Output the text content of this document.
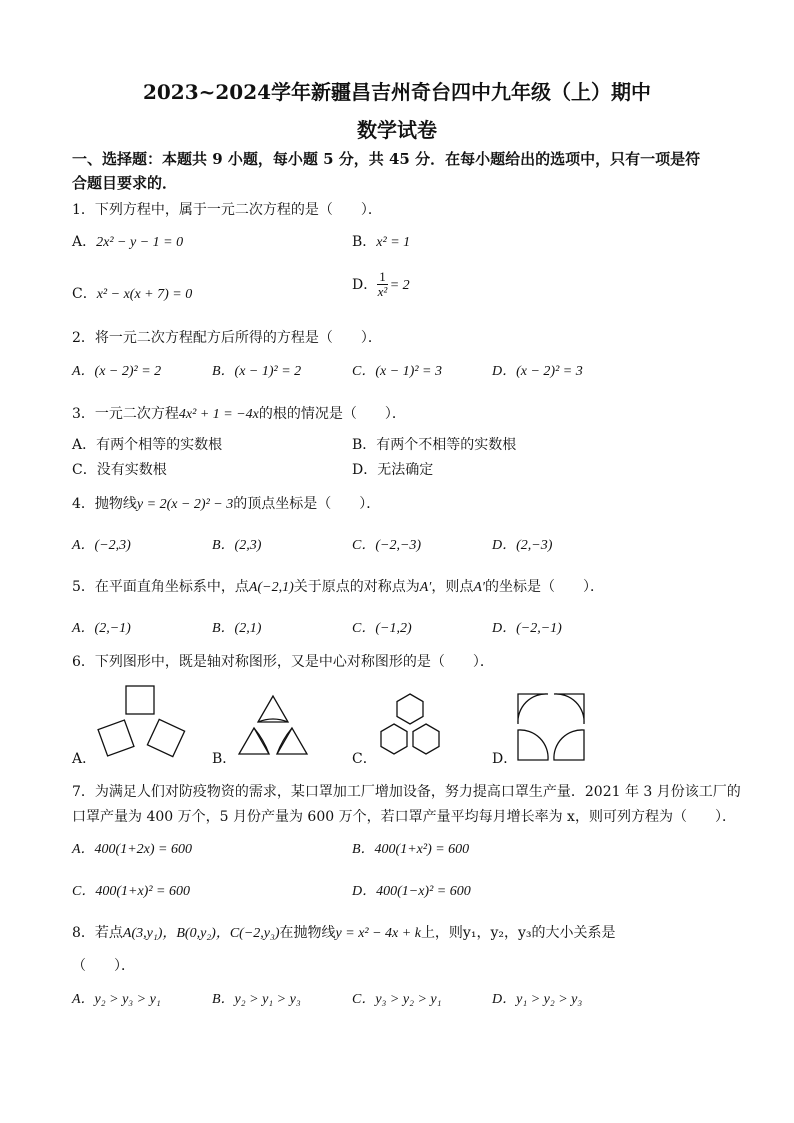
2023~2024学年新疆昌吉州奇台四中九年级（上）期中
数学试卷
一、选择题：本题共 9 小题，每小题 5 分，共 45 分．在每小题给出的选项中，只有一项是符
合题目要求的．
1．下列方程中，属于一元二次方程的是（　　）．
A．2x² − y − 1 = 0	B．x² = 1
C．x² − x(x + 7) = 0
D． $\frac{1}{\text{x²}} = 2$
2．将一元二次方程配方后所得的方程是（　　）．
A．(x − 2)² = 2	B．(x − 1)² = 2	C．(x − 1)² = 3	D．(x − 2)² = 3
3．一元二次方程4x² + 1 = −4x的根的情况是（　　）．
A．有两个相等的实数根	B．有两个不相等的实数根
C．没有实数根	D．无法确定
4．抛物线y = 2(x − 2)² − 3的顶点坐标是（　　）．
A．(−2,3)	B．(2,3)	C．(−2,−3)	D．(2,−3)
5．在平面直角坐标系中，点A(−2,1)关于原点的对称点为A′，则点A′的坐标是（　　）．
A．(2,−1)	B．(2,1)	C．(−1,2)	D．(−2,−1)
6．下列图形中，既是轴对称图形，又是中心对称图形的是（　　）．
A．	B．	C．	D．
7．为满足人们对防疫物资的需求，某口罩加工厂增加设备，努力提高口罩生产量．2021 年 3 月份该工厂的
口罩产量为 400 万个，5 月份产量为 600 万个，若口罩产量平均每月增长率为 x，则可列方程为（　　）．
A．400(1+2x) = 600	B．400(1+x²) = 600
C．400(1+x)² = 600	D．400(1−x)² = 600
8．若点A(3,y₁)，B(0,y₂)，C(−2,y₃)在抛物线y = x² − 4x + k上，则y₁，y₂，y₃的大小关系是
（　　）．
A．y₂ > y₃ > y₁	B．y₂ > y₁ > y₃	C．y₃ > y₂ > y₁	D．y₁ > y₂ > y₃
